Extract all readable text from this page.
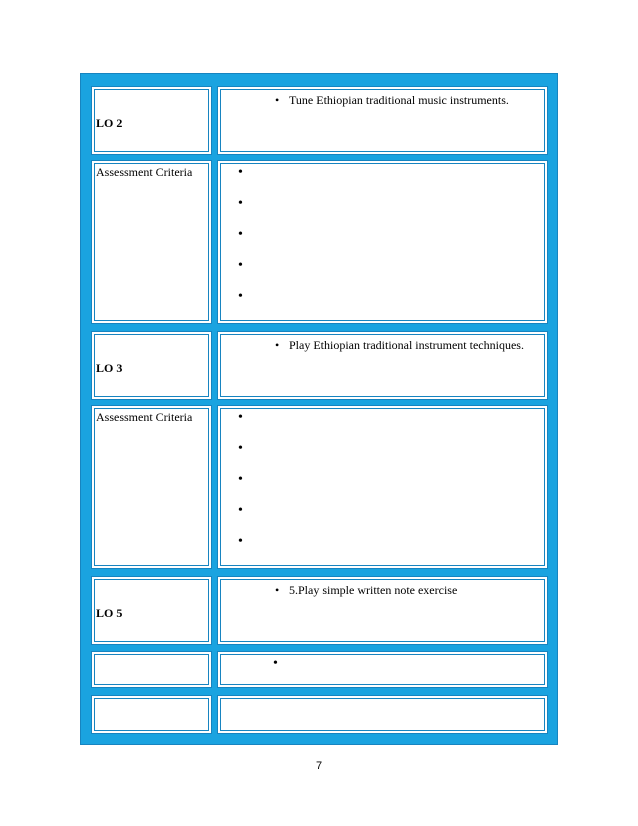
LO 2
• Tune Ethiopian traditional music instruments.
Assessment Criteria	•
•
•
•
•
LO 3
• Play Ethiopian traditional instrument techniques.
Assessment Criteria	•
•
•
•
•
LO 5
• 5.Play simple written note exercise
•
7
